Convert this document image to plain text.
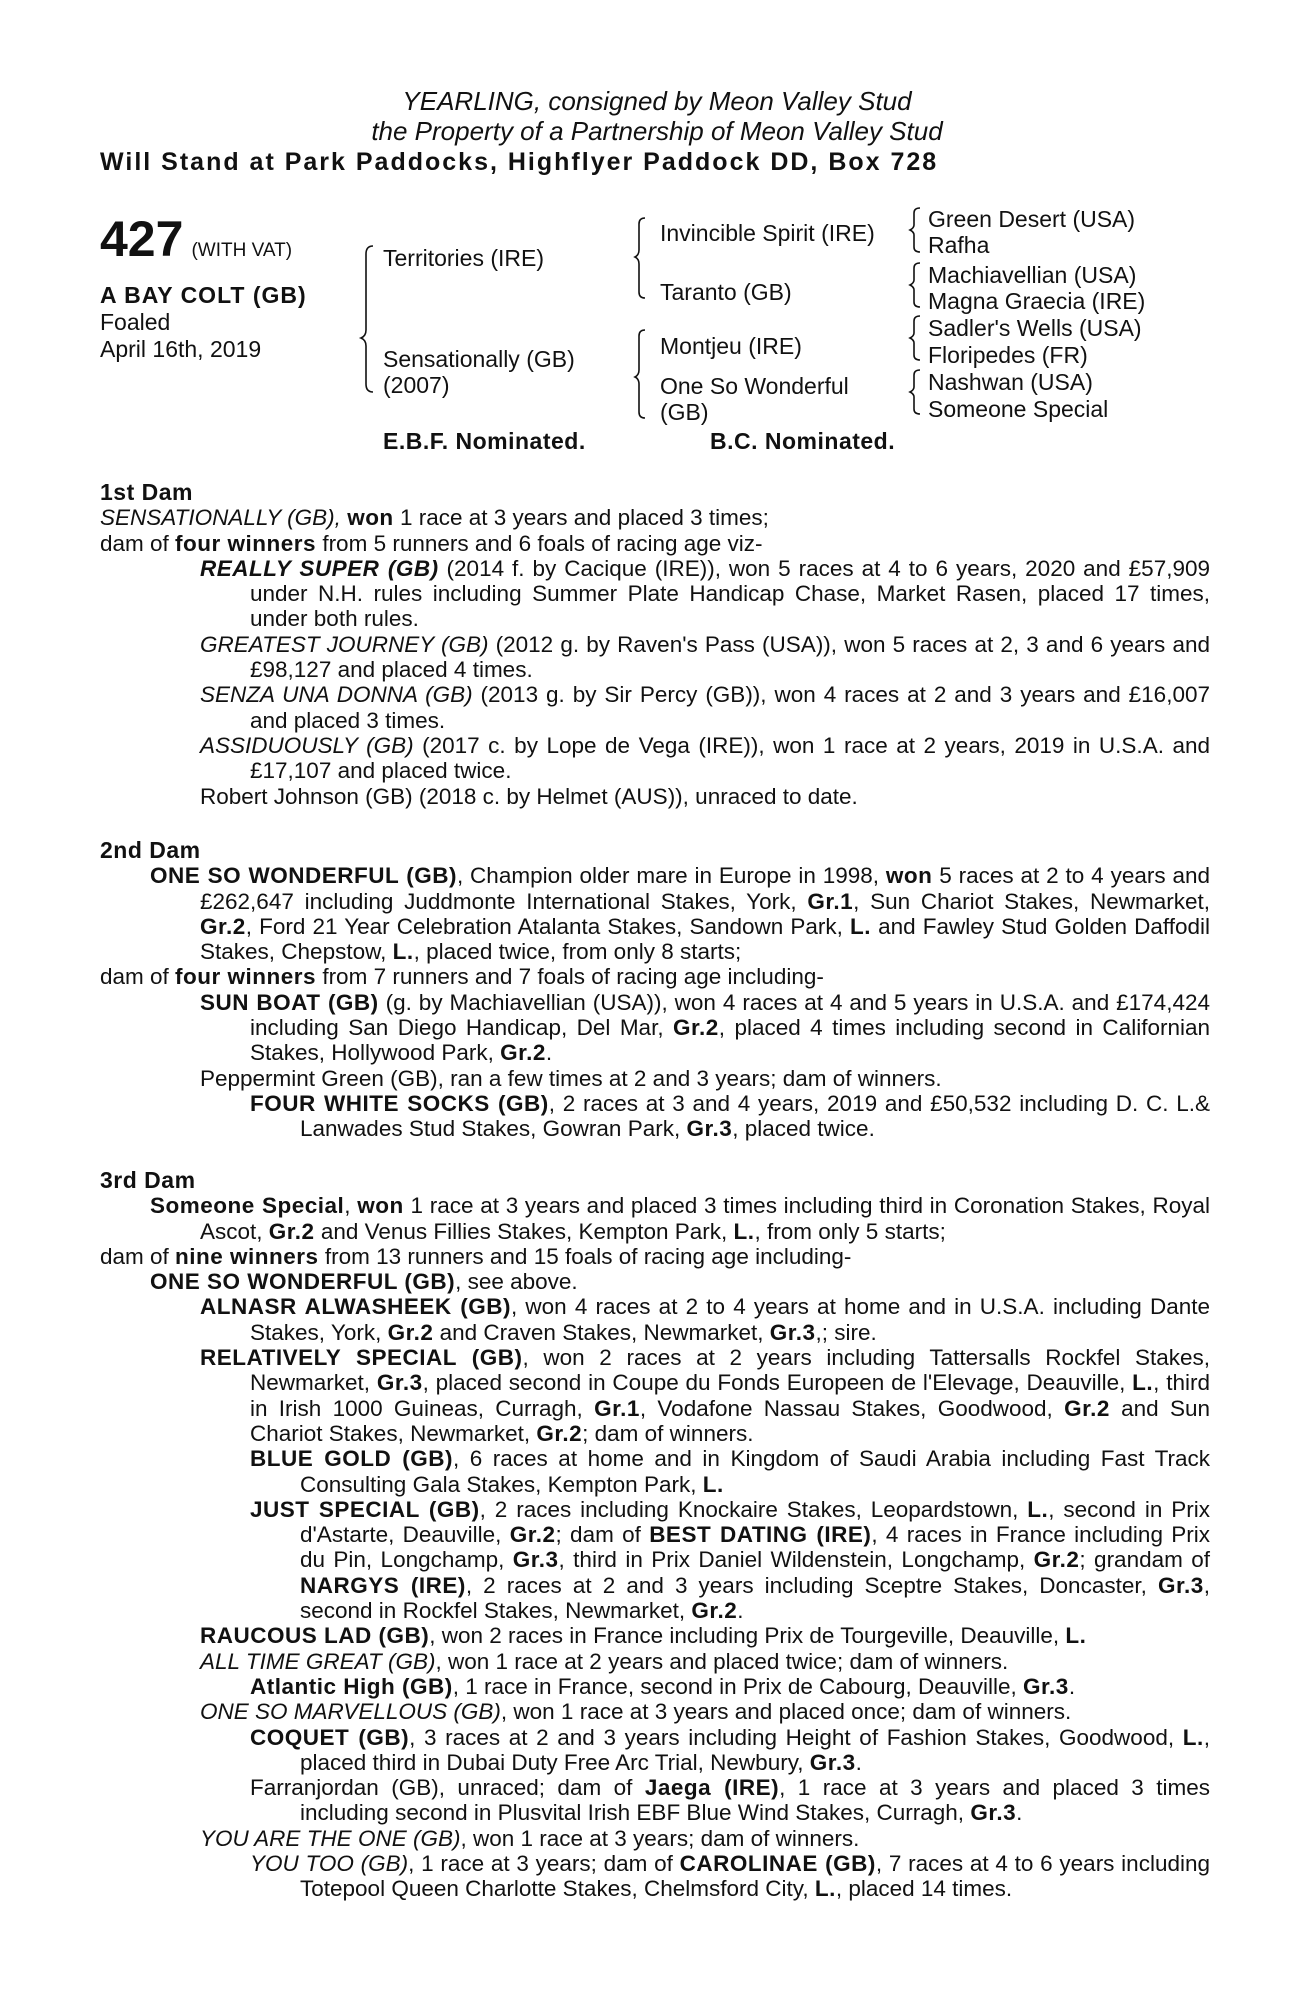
YEARLING, consigned by Meon Valley Stud
the Property of a Partnership of Meon Valley Stud
Will Stand at Park Paddocks, Highflyer Paddock DD, Box 728
427 (WITH VAT)
A BAY COLT (GB)
Foaled
April 16th, 2019
Territories (IRE)
Sensationally (GB)
(2007)
Invincible Spirit (IRE)
Taranto (GB)
Montjeu (IRE)
One So Wonderful
(GB)
Green Desert (USA)
Rafha
Machiavellian (USA)
Magna Graecia (IRE)
Sadler's Wells (USA)
Floripedes (FR)
Nashwan (USA)
Someone Special
E.B.F. Nominated.	B.C. Nominated.

1st Dam

SENSATIONALLY (GB), won 1 race at 3 years and placed 3 times;

dam of four winners from 5 runners and 6 foals of racing age viz-

REALLY SUPER (GB) (2014 f. by Cacique (IRE)), won 5 races at 4 to 6 years, 2020 and £57,909 under N.H. rules including Summer Plate Handicap Chase, Market Rasen, placed 17 times, under both rules.

GREATEST JOURNEY (GB) (2012 g. by Raven's Pass (USA)), won 5 races at 2, 3 and 6 years and £98,127 and placed 4 times.

SENZA UNA DONNA (GB) (2013 g. by Sir Percy (GB)), won 4 races at 2 and 3 years and £16,007 and placed 3 times.

ASSIDUOUSLY (GB) (2017 c. by Lope de Vega (IRE)), won 1 race at 2 years, 2019 in U.S.A. and £17,107 and placed twice.

Robert Johnson (GB) (2018 c. by Helmet (AUS)), unraced to date.

2nd Dam

ONE SO WONDERFUL (GB), Champion older mare in Europe in 1998, won 5 races at 2 to 4 years and £262,647 including Juddmonte International Stakes, York, Gr.1, Sun Chariot Stakes, Newmarket, Gr.2, Ford 21 Year Celebration Atalanta Stakes, Sandown Park, L. and Fawley Stud Golden Daffodil Stakes, Chepstow, L., placed twice, from only 8 starts;

dam of four winners from 7 runners and 7 foals of racing age including-

SUN BOAT (GB) (g. by Machiavellian (USA)), won 4 races at 4 and 5 years in U.S.A. and £174,424 including San Diego Handicap, Del Mar, Gr.2, placed 4 times including second in Californian Stakes, Hollywood Park, Gr.2.

Peppermint Green (GB), ran a few times at 2 and 3 years; dam of winners.

FOUR WHITE SOCKS (GB), 2 races at 3 and 4 years, 2019 and £50,532 including D. C. L.& Lanwades Stud Stakes, Gowran Park, Gr.3, placed twice.

3rd Dam

Someone Special, won 1 race at 3 years and placed 3 times including third in Coronation Stakes, Royal Ascot, Gr.2 and Venus Fillies Stakes, Kempton Park, L., from only 5 starts;

dam of nine winners from 13 runners and 15 foals of racing age including-

ONE SO WONDERFUL (GB), see above.

ALNASR ALWASHEEK (GB), won 4 races at 2 to 4 years at home and in U.S.A. including Dante Stakes, York, Gr.2 and Craven Stakes, Newmarket, Gr.3,; sire.

RELATIVELY SPECIAL (GB), won 2 races at 2 years including Tattersalls Rockfel Stakes, Newmarket, Gr.3, placed second in Coupe du Fonds Europeen de l'Elevage, Deauville, L., third in Irish 1000 Guineas, Curragh, Gr.1, Vodafone Nassau Stakes, Goodwood, Gr.2 and Sun Chariot Stakes, Newmarket, Gr.2; dam of winners.

BLUE GOLD (GB), 6 races at home and in Kingdom of Saudi Arabia including Fast Track Consulting Gala Stakes, Kempton Park, L.

JUST SPECIAL (GB), 2 races including Knockaire Stakes, Leopardstown, L., second in Prix d'Astarte, Deauville, Gr.2; dam of BEST DATING (IRE), 4 races in France including Prix du Pin, Longchamp, Gr.3, third in Prix Daniel Wildenstein, Longchamp, Gr.2; grandam of NARGYS (IRE), 2 races at 2 and 3 years including Sceptre Stakes, Doncaster, Gr.3, second in Rockfel Stakes, Newmarket, Gr.2.

RAUCOUS LAD (GB), won 2 races in France including Prix de Tourgeville, Deauville, L.

ALL TIME GREAT (GB), won 1 race at 2 years and placed twice; dam of winners.

Atlantic High (GB), 1 race in France, second in Prix de Cabourg, Deauville, Gr.3.

ONE SO MARVELLOUS (GB), won 1 race at 3 years and placed once; dam of winners.

COQUET (GB), 3 races at 2 and 3 years including Height of Fashion Stakes, Goodwood, L., placed third in Dubai Duty Free Arc Trial, Newbury, Gr.3.

Farranjordan (GB), unraced; dam of Jaega (IRE), 1 race at 3 years and placed 3 times including second in Plusvital Irish EBF Blue Wind Stakes, Curragh, Gr.3.

YOU ARE THE ONE (GB), won 1 race at 3 years; dam of winners.

YOU TOO (GB), 1 race at 3 years; dam of CAROLINAE (GB), 7 races at 4 to 6 years including Totepool Queen Charlotte Stakes, Chelmsford City, L., placed 14 times.
